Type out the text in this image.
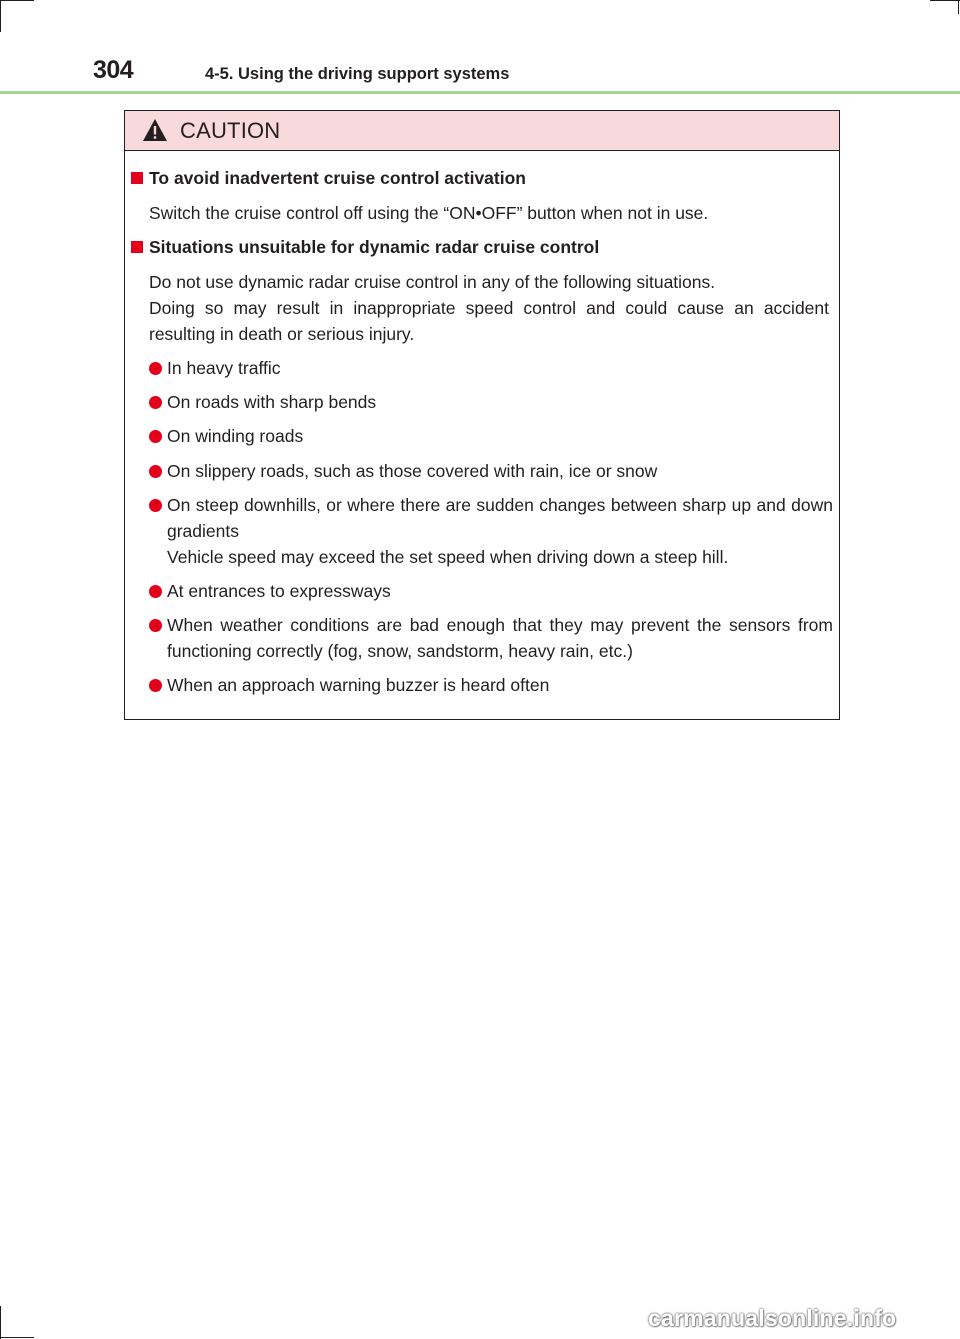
304	4-5. Using the driving support systems
CAUTION
To avoid inadvertent cruise control activation
Switch the cruise control off using the “ON•OFF” button when not in use.
Situations unsuitable for dynamic radar cruise control
Do not use dynamic radar cruise control in any of the following situations.
Doing so may result in inappropriate speed control and could cause an accident resulting in death or serious injury.
In heavy traffic
On roads with sharp bends
On winding roads
On slippery roads, such as those covered with rain, ice or snow
On steep downhills, or where there are sudden changes between sharp up and down gradients
Vehicle speed may exceed the set speed when driving down a steep hill.
At entrances to expressways
When weather conditions are bad enough that they may prevent the sensors from functioning correctly (fog, snow, sandstorm, heavy rain, etc.)
When an approach warning buzzer is heard often
carmanualsonline.info
